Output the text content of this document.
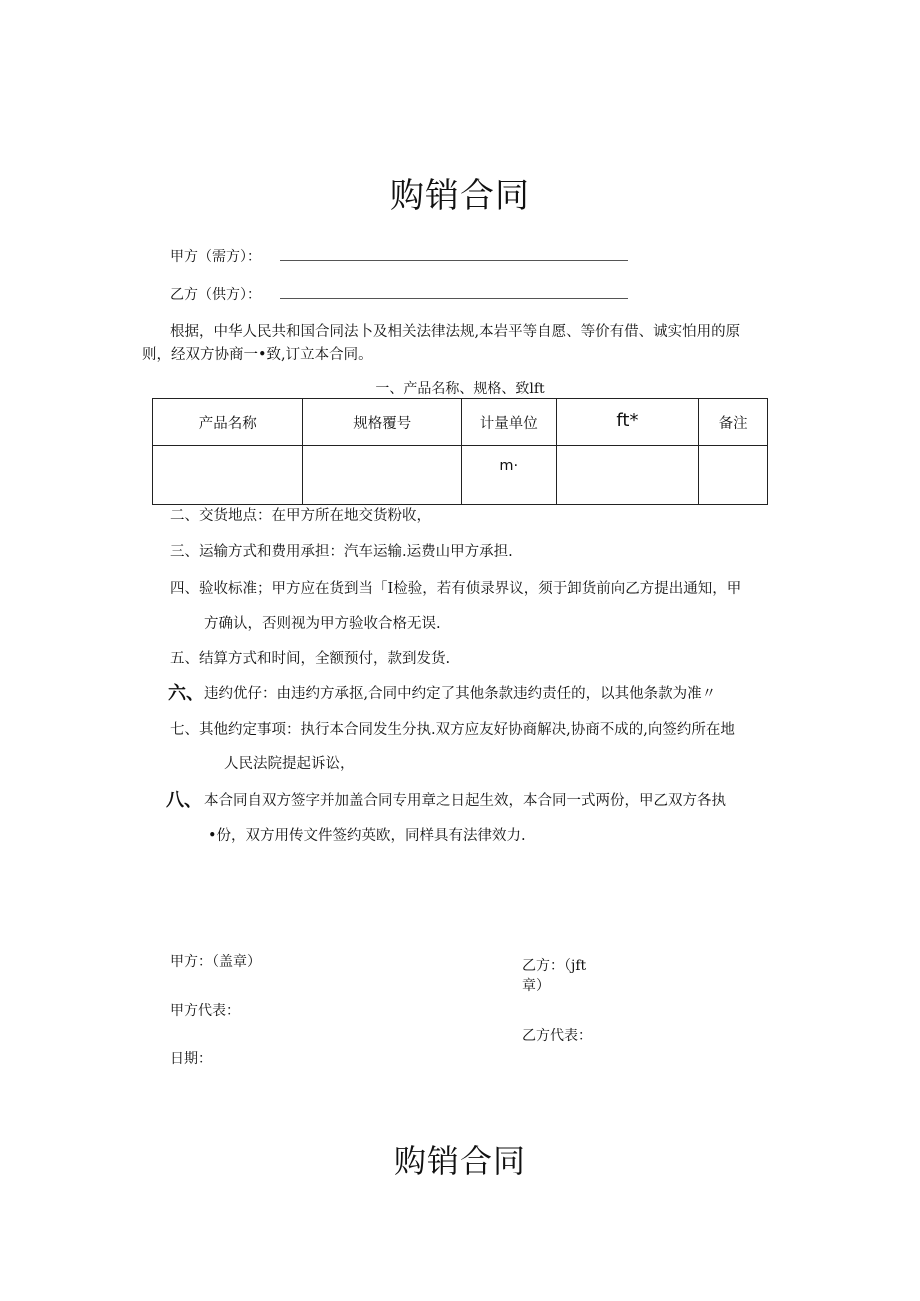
购销合同
甲方（需方）：
乙方（供方）：
根据，中华人民共和国合同法卜及相关法律法规,本岩平等自愿、等价有借、诚实怕用的原
则，经双方协商一•致,订立本合同。
一、产品名称、规格、致lft
产品名称	规格覆号	计量单位	ft*	备注
		m·		
二、交货地点：在甲方所在地交货粉收，
三、运输方式和费用承担：汽车运输.运费山甲方承担.
四、验收标准；甲方应在货到当「I检验，若有侦录界议，须于卸货前向乙方提出通知，甲
方确认，否则视为甲方验收合格无误.
五、结算方式和时间，全额预付，款到发货.
六、 违约优仔：由违约方承抠,合同中约定了其他条款违约责任的，以其他条款为准〃
七、其他约定事项：执行本合同发生分执.双方应友好协商解决,协商不成的,向签约所在地
人民法院提起诉讼，
八、 本合同自双方签字并加盖合同专用章之日起生效，本合同一式两份，甲乙双方各执
•份，双方用传文件签约英欧，同样具有法律效力.
甲方：（盖章）
甲方代表：
日期：
乙方：（jft
章）
乙方代表：
购销合同
